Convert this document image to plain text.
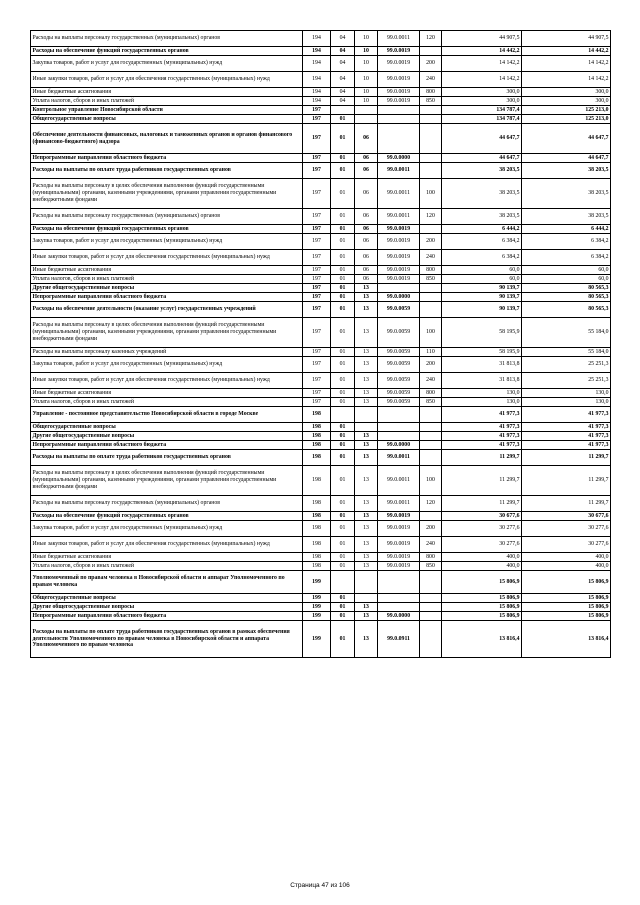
Расходы на выплаты персоналу государственных (муниципальных) органов	194	04	10	99.0.0011	120	44 907,5	44 907,5
Расходы на обеспечение функций государственных органов	194	04	10	99.0.0019		14 442,2	14 442,2
Закупка товаров, работ и услуг для государственных (муниципальных) нужд	194	04	10	99.0.0019	200	14 142,2	14 142,2
Иные закупки товаров, работ и услуг для обеспечения государственных (муниципальных) нужд	194	04	10	99.0.0019	240	14 142,2	14 142,2
Иные бюджетные ассигнования	194	04	10	99.0.0019	800	300,0	300,0
Уплата налогов, сборов и иных платежей	194	04	10	99.0.0019	850	300,0	300,0
Контрольное управление Новосибирской области	197					134 787,4	125 213,0
Общегосударственные вопросы	197	01				134 787,4	125 213,0
Обеспечение деятельности финансовых, налоговых и таможенных органов и органов финансового (финансово-бюджетного) надзора	197	01	06			44 647,7	44 647,7
Непрограммные направления областного бюджета	197	01	06	99.0.0000		44 647,7	44 647,7
Расходы на выплаты по оплате труда работников государственных органов	197	01	06	99.0.0011		38 203,5	38 203,5
Расходы на выплаты персоналу в целях обеспечения выполнения функций государственными (муниципальными) органами, казенными учреждениями, органами управления государственными внебюджетными фондами	197	01	06	99.0.0011	100	38 203,5	38 203,5
Расходы на выплаты персоналу государственных (муниципальных) органов	197	01	06	99.0.0011	120	38 203,5	38 203,5
Расходы на обеспечение функций государственных органов	197	01	06	99.0.0019		6 444,2	6 444,2
Закупка товаров, работ и услуг для государственных (муниципальных) нужд	197	01	06	99.0.0019	200	6 384,2	6 384,2
Иные закупки товаров, работ и услуг для обеспечения государственных (муниципальных) нужд	197	01	06	99.0.0019	240	6 384,2	6 384,2
Иные бюджетные ассигнования	197	01	06	99.0.0019	800	60,0	60,0
Уплата налогов, сборов и иных платежей	197	01	06	99.0.0019	850	60,0	60,0
Другие общегосударственные вопросы	197	01	13			90 139,7	80 565,3
Непрограммные направления областного бюджета	197	01	13	99.0.0000		90 139,7	80 565,3
Расходы на обеспечение деятельности (оказание услуг) государственных учреждений	197	01	13	99.0.0059		90 139,7	80 565,3
Расходы на выплаты персоналу в целях обеспечения выполнения функций государственными (муниципальными) органами, казенными учреждениями, органами управления государственными внебюджетными фондами	197	01	13	99.0.0059	100	58 195,9	55 184,0
Расходы на выплаты персоналу казенных учреждений	197	01	13	99.0.0059	110	58 195,9	55 184,0
Закупка товаров, работ и услуг для государственных (муниципальных) нужд	197	01	13	99.0.0059	200	31 813,8	25 251,3
Иные закупки товаров, работ и услуг для обеспечения государственных (муниципальных) нужд	197	01	13	99.0.0059	240	31 813,8	25 251,3
Иные бюджетные ассигнования	197	01	13	99.0.0059	800	130,0	130,0
Уплата налогов, сборов и иных платежей	197	01	13	99.0.0059	850	130,0	130,0
Управление - постоянное представительство Новосибирской области в городе Москве	198					41 977,3	41 977,3
Общегосударственные вопросы	198	01				41 977,3	41 977,3
Другие общегосударственные вопросы	198	01	13			41 977,3	41 977,3
Непрограммные направления областного бюджета	198	01	13	99.0.0000		41 977,3	41 977,3
Расходы на выплаты по оплате труда работников государственных органов	198	01	13	99.0.0011		11 299,7	11 299,7
Расходы на выплаты персоналу в целях обеспечения выполнения функций государственными (муниципальными) органами, казенными учреждениями, органами управления государственными внебюджетными фондами	198	01	13	99.0.0011	100	11 299,7	11 299,7
Расходы на выплаты персоналу государственных (муниципальных) органов	198	01	13	99.0.0011	120	11 299,7	11 299,7
Расходы на обеспечение функций государственных органов	198	01	13	99.0.0019		30 677,6	30 677,6
Закупка товаров, работ и услуг для государственных (муниципальных) нужд	198	01	13	99.0.0019	200	30 277,6	30 277,6
Иные закупки товаров, работ и услуг для обеспечения государственных (муниципальных) нужд	198	01	13	99.0.0019	240	30 277,6	30 277,6
Иные бюджетные ассигнования	198	01	13	99.0.0019	800	400,0	400,0
Уплата налогов, сборов и иных платежей	198	01	13	99.0.0019	850	400,0	400,0
Уполномоченный по правам человека в Новосибирской области и аппарат Уполномоченного по правам человека	199					15 806,9	15 806,9
Общегосударственные вопросы	199	01				15 806,9	15 806,9
Другие общегосударственные вопросы	199	01	13			15 806,9	15 806,9
Непрограммные направления областного бюджета	199	01	13	99.0.0000		15 806,9	15 806,9
Расходы на выплаты по оплате труда работников государственных органов в рамках обеспечения деятельности Уполномоченного по правам человека в Новосибирской области и аппарата Уполномоченного по правам человека	199	01	13	99.0.0911		13 816,4	13 816,4
Страница 47 из 106
